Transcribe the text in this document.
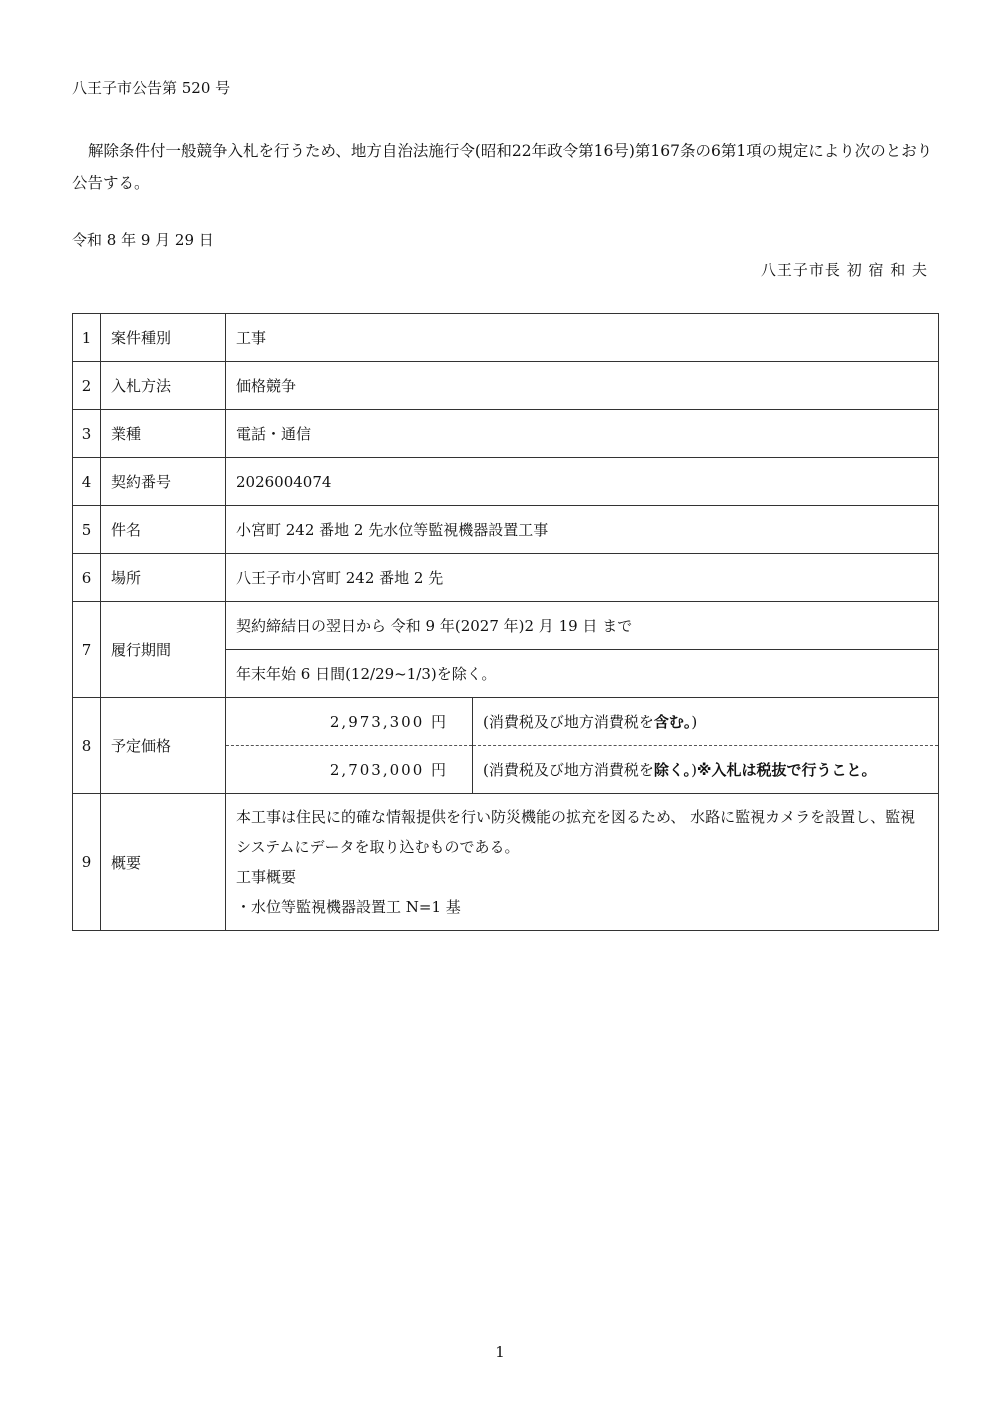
八王子市公告第 520 号
解除条件付一般競争入札を行うため、地方自治法施行令(昭和22年政令第16号)第167条の6第1項の規定により次のとおり公告する。
令和 8 年 9 月 29 日
八王子市長 初 宿 和 夫
1	案件種別	工事	
2	入札方法	価格競争	
3	業種	電話・通信	
4	契約番号	2026004074	
5	件名	小宮町 242 番地 2 先水位等監視機器設置工事	
6	場所	八王子市小宮町 242 番地 2 先	
7	履行期間	契約締結日の翌日から 令和 9 年(2027 年)2 月 19 日 まで	
		年末年始 6 日間(12/29~1/3)を除く。	
8	予定価格	2,973,300 円	(消費税及び地方消費税を含む。)
		2,703,000 円	(消費税及び地方消費税を除く。)※入札は税抜で行うこと。
9	概要	本工事は住民に的確な情報提供を行い防災機能の拡充を図るため、 水路に監視カメラを設置し、監視システムにデータを取り込むものである。
工事概要
・水位等監視機器設置工 N=1 基	
1
